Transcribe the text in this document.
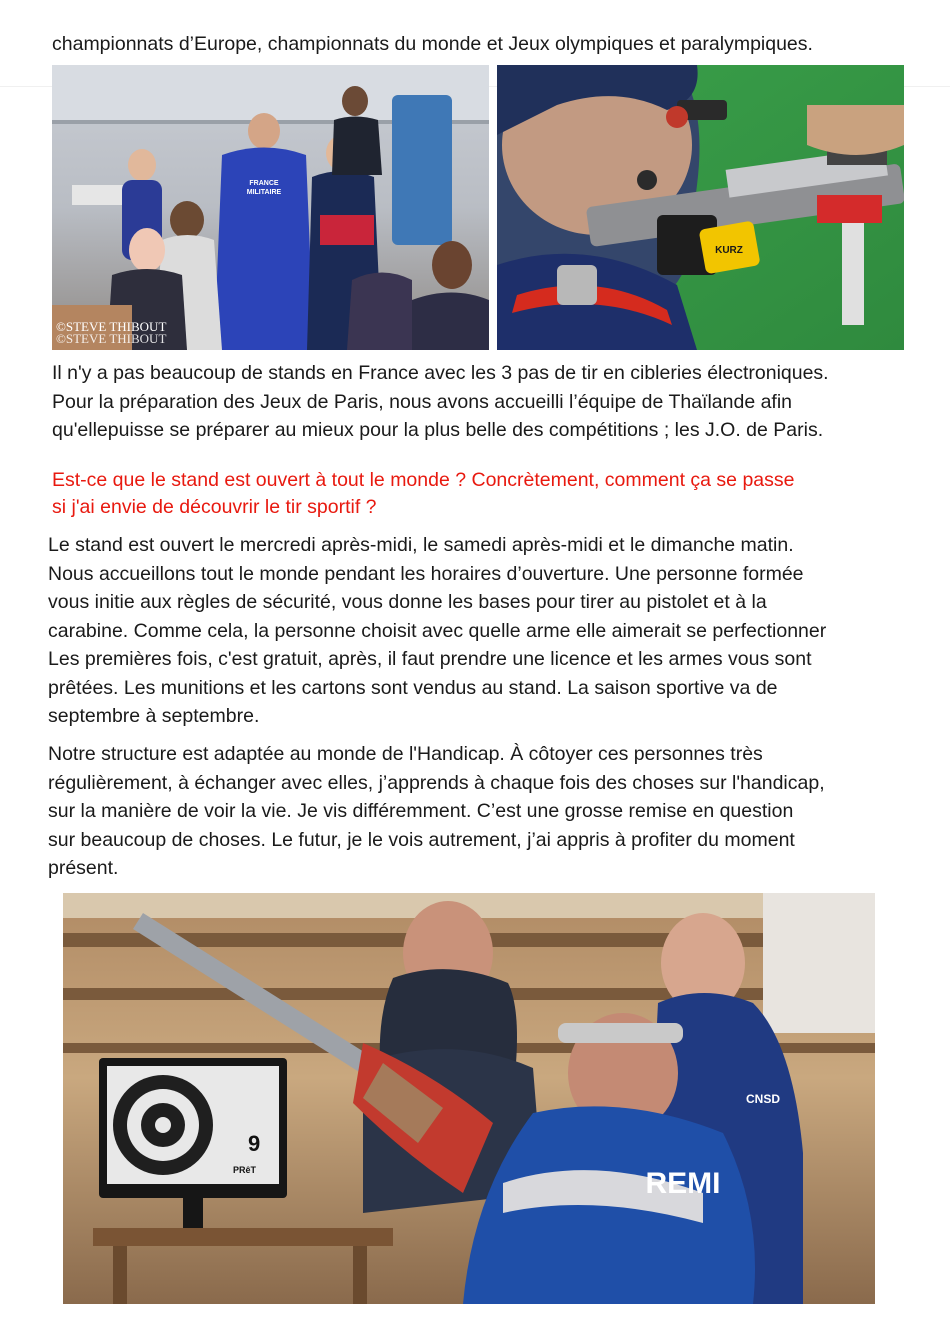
championnats d’Europe, championnats du monde et Jeux olympiques et paralympiques.
FRANCE
MILITAIRE
©STEVE THIBOUT
©STEVE THIBOUT
KURZ

Il n'y a pas beaucoup de stands en France avec les 3 pas de tir en cibleries électroniques.
Pour la préparation des Jeux de Paris, nous avons accueilli l’équipe de Thaïlande afin
qu'ellepuisse se préparer au mieux pour la plus belle des compétitions ; les J.O. de Paris.

Est-ce que le stand est ouvert à tout le monde ? Concrètement, comment ça se passe
si j'ai envie de découvrir le tir sportif ?

Le stand est ouvert le mercredi après-midi, le samedi après-midi et le dimanche matin.
Nous accueillons tout le monde pendant les horaires d’ouverture. Une personne formée
vous initie aux règles de sécurité, vous donne les bases pour tirer au pistolet et à la
carabine. Comme cela, la personne choisit avec quelle arme elle aimerait se perfectionner
Les premières fois, c'est gratuit, après, il faut prendre une licence et les armes vous sont
prêtées. Les munitions et les cartons sont vendus au stand. La saison sportive va de
septembre à septembre.

Notre structure est adaptée au monde de l'Handicap. À côtoyer ces personnes très
régulièrement, à échanger avec elles, j’apprends à chaque fois des choses sur l'handicap,
sur la manière de voir la vie. Je vis différemment. C’est une grosse remise en question
sur beaucoup de choses. Le futur, je le vois autrement, j’ai appris à profiter du moment
présent.

9
PRêT
CNSD
REMI
